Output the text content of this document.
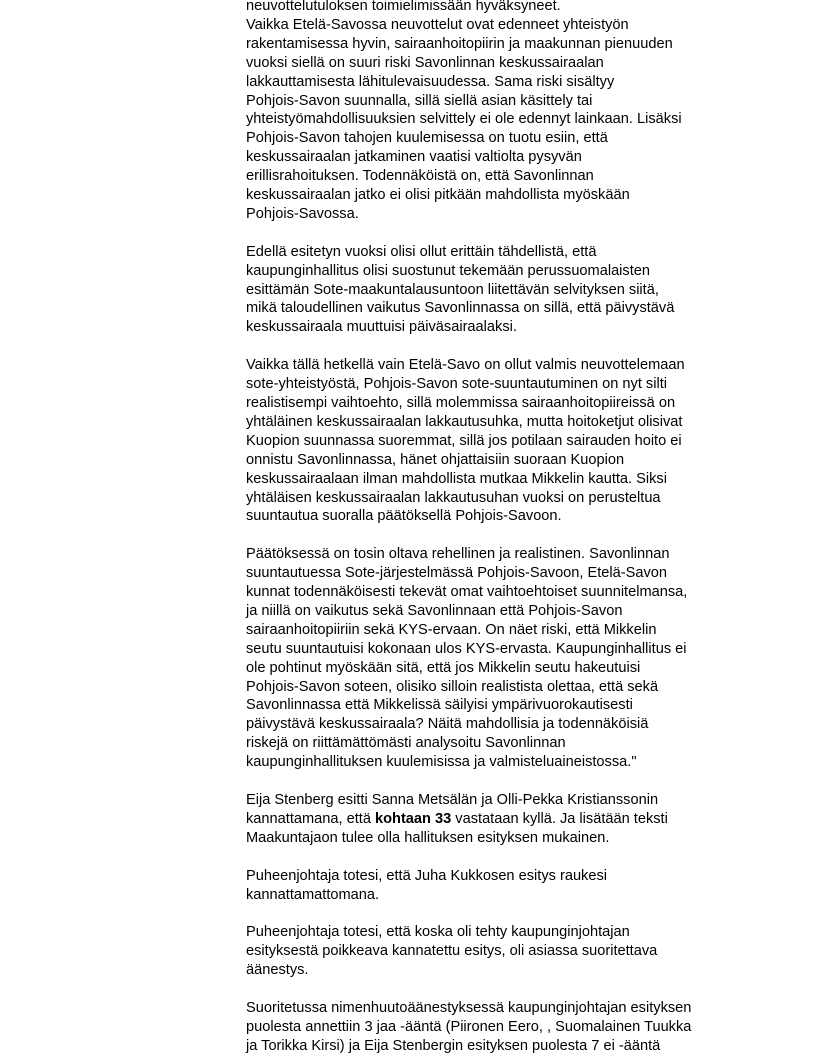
neuvottelutuloksen toimielimissään hyväksyneet.
Vaikka Etelä-Savossa neuvottelut ovat edenneet yhteistyön
rakentamisessa hyvin, sairaanhoitopiirin ja maakunnan pienuuden
vuoksi siellä on suuri riski Savonlinnan keskussairaalan
lakkauttamisesta lähitulevaisuudessa. Sama riski sisältyy
Pohjois-Savon suunnalla, sillä siellä asian käsittely tai
yhteistyömahdollisuuksien selvittely ei ole edennyt lainkaan. Lisäksi
Pohjois-Savon tahojen kuulemisessa on tuotu esiin, että
keskussairaalan jatkaminen vaatisi valtiolta pysyvän
erillisrahoituksen. Todennäköistä on, että Savonlinnan
keskussairaalan jatko ei olisi pitkään mahdollista myöskään
Pohjois-Savossa.
Edellä esitetyn vuoksi olisi ollut erittäin tähdellistä, että
kaupunginhallitus olisi suostunut tekemään perussuomalaisten
esittämän Sote-maakuntalausuntoon liitettävän selvityksen siitä,
mikä taloudellinen vaikutus Savonlinnassa on sillä, että päivystävä
keskussairaala muuttuisi päiväsairaalaksi.
Vaikka tällä hetkellä vain Etelä-Savo on ollut valmis neuvottelemaan
sote-yhteistyöstä, Pohjois-Savon sote-suuntautuminen on nyt silti
realistisempi vaihtoehto, sillä molemmissa sairaanhoitopiireissä on
yhtäläinen keskussairaalan lakkautusuhka, mutta hoitoketjut olisivat
Kuopion suunnassa suoremmat, sillä jos potilaan sairauden hoito ei
onnistu Savonlinnassa, hänet ohjattaisiin suoraan Kuopion
keskussairaalaan ilman mahdollista mutkaa Mikkelin kautta. Siksi
yhtäläisen keskussairaalan lakkautusuhan vuoksi on perusteltua
suuntautua suoralla päätöksellä Pohjois-Savoon.
Päätöksessä on tosin oltava rehellinen ja realistinen. Savonlinnan
suuntautuessa Sote-järjestelmässä Pohjois-Savoon, Etelä-Savon
kunnat todennäköisesti tekevät omat vaihtoehtoiset suunnitelmansa,
ja niillä on vaikutus sekä Savonlinnaan että Pohjois-Savon
sairaanhoitopiiriin sekä KYS-ervaan. On näet riski, että Mikkelin
seutu suuntautuisi kokonaan ulos KYS-ervasta. Kaupunginhallitus ei
ole pohtinut myöskään sitä, että jos Mikkelin seutu hakeutuisi
Pohjois-Savon soteen, olisiko silloin realistista olettaa, että sekä
Savonlinnassa että Mikkelissä säilyisi ympärivuorokautisesti
päivystävä keskussairaala? Näitä mahdollisia ja todennäköisiä
riskejä on riittämättömästi analysoitu Savonlinnan
kaupunginhallituksen kuulemisissa ja valmisteluaineistossa."
Eija Stenberg esitti Sanna Metsälän ja Olli-Pekka Kristianssonin
kannattamana, että kohtaan 33 vastataan kyllä. Ja lisätään teksti
Maakuntajaon tulee olla hallituksen esityksen mukainen.
Puheenjohtaja totesi, että Juha Kukkosen esitys raukesi
kannattamattomana.
Puheenjohtaja totesi, että koska oli tehty kaupunginjohtajan
esityksestä poikkeava kannatettu esitys, oli asiassa suoritettava
äänestys.
Suoritetussa nimenhuutoäänestyksessä kaupunginjohtajan esityksen
puolesta annettiin 3 jaa -ääntä (Piironen Eero, , Suomalainen Tuukka
ja Torikka Kirsi) ja Eija Stenbergin esityksen puolesta 7 ei -ääntä
